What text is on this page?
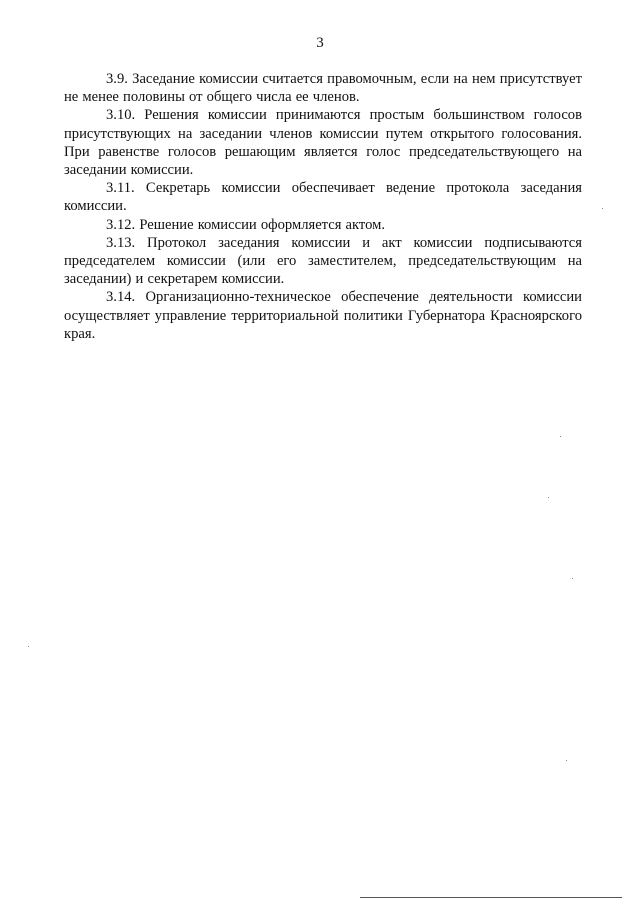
3

3.9. Заседание комиссии считается правомочным, если на нем присутствует не менее половины от общего числа ее членов.

3.10. Решения комиссии принимаются простым большинством голосов присутствующих на заседании членов комиссии путем открытого голосования. При равенстве голосов решающим является голос председательствующего на заседании комиссии.

3.11. Секретарь комиссии обеспечивает ведение протокола заседания комиссии.

3.12. Решение комиссии оформляется актом.

3.13. Протокол заседания комиссии и акт комиссии подписываются председателем комиссии (или его заместителем, председательствующим на заседании) и секретарем комиссии.

3.14. Организационно-техническое обеспечение деятельности комиссии осуществляет управление территориальной политики Губернатора Красноярского края.
